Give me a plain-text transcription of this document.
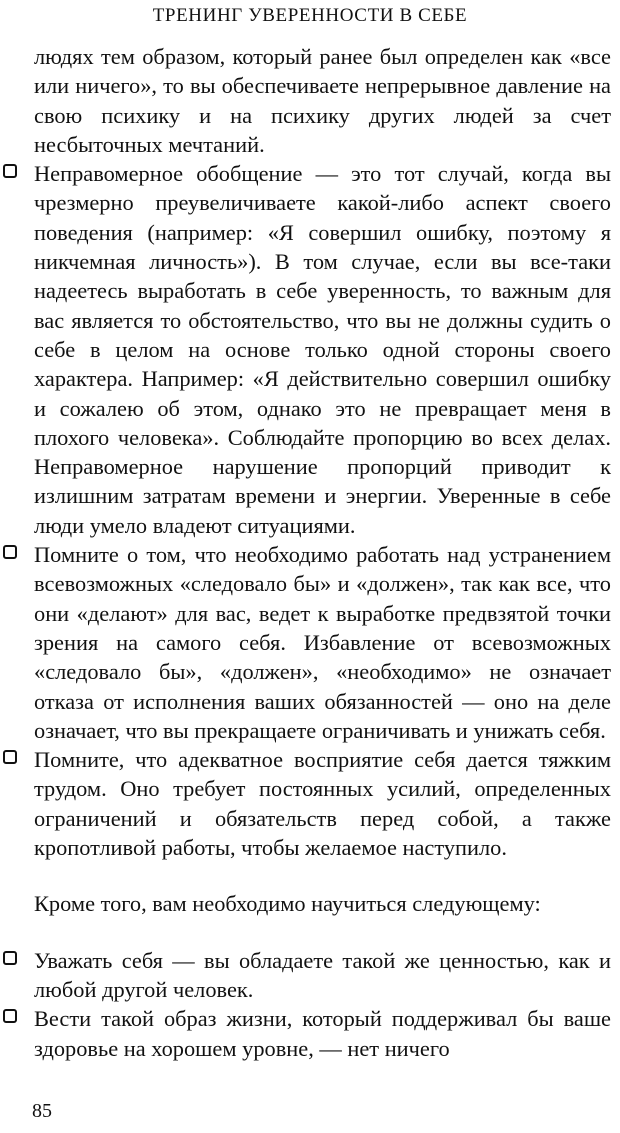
ТРЕНИНГ УВЕРЕННОСТИ В СЕБЕ

людях тем образом, который ранее был определен как «все или ничего», то вы обеспечиваете непрерывное давление на свою психику и на психику других людей за счет несбыточных мечтаний.

Неправомерное обобщение — это тот случай, когда вы чрезмерно преувеличиваете какой-либо аспект своего поведения (например: «Я совершил ошибку, поэтому я никчемная личность»). В том случае, если вы все-таки надеетесь выработать в себе уверенность, то важным для вас является то обстоятельство, что вы не должны судить о себе в целом на основе только одной стороны своего характера. Например: «Я действительно совершил ошибку и сожалею об этом, однако это не превращает меня в плохого человека». Соблюдайте пропорцию во всех делах. Неправомерное нарушение пропорций приводит к излишним затратам времени и энергии. Уверенные в себе люди умело владеют ситуациями.

Помните о том, что необходимо работать над устранением всевозможных «следовало бы» и «должен», так как все, что они «делают» для вас, ведет к выработке предвзятой точки зрения на самого себя. Избавление от всевозможных «следовало бы», «должен», «необходимо» не означает отказа от исполнения ваших обязанностей — оно на деле означает, что вы прекращаете ограничивать и унижать себя.

Помните, что адекватное восприятие себя дается тяжким трудом. Оно требует постоянных усилий, определенных ограничений и обязательств перед собой, а также кропотливой работы, чтобы желаемое наступило.

Кроме того, вам необходимо научиться следующему:

Уважать себя — вы обладаете такой же ценностью, как и любой другой человек.

Вести такой образ жизни, который поддерживал бы ваше здоровье на хорошем уровне, — нет ничего

85
